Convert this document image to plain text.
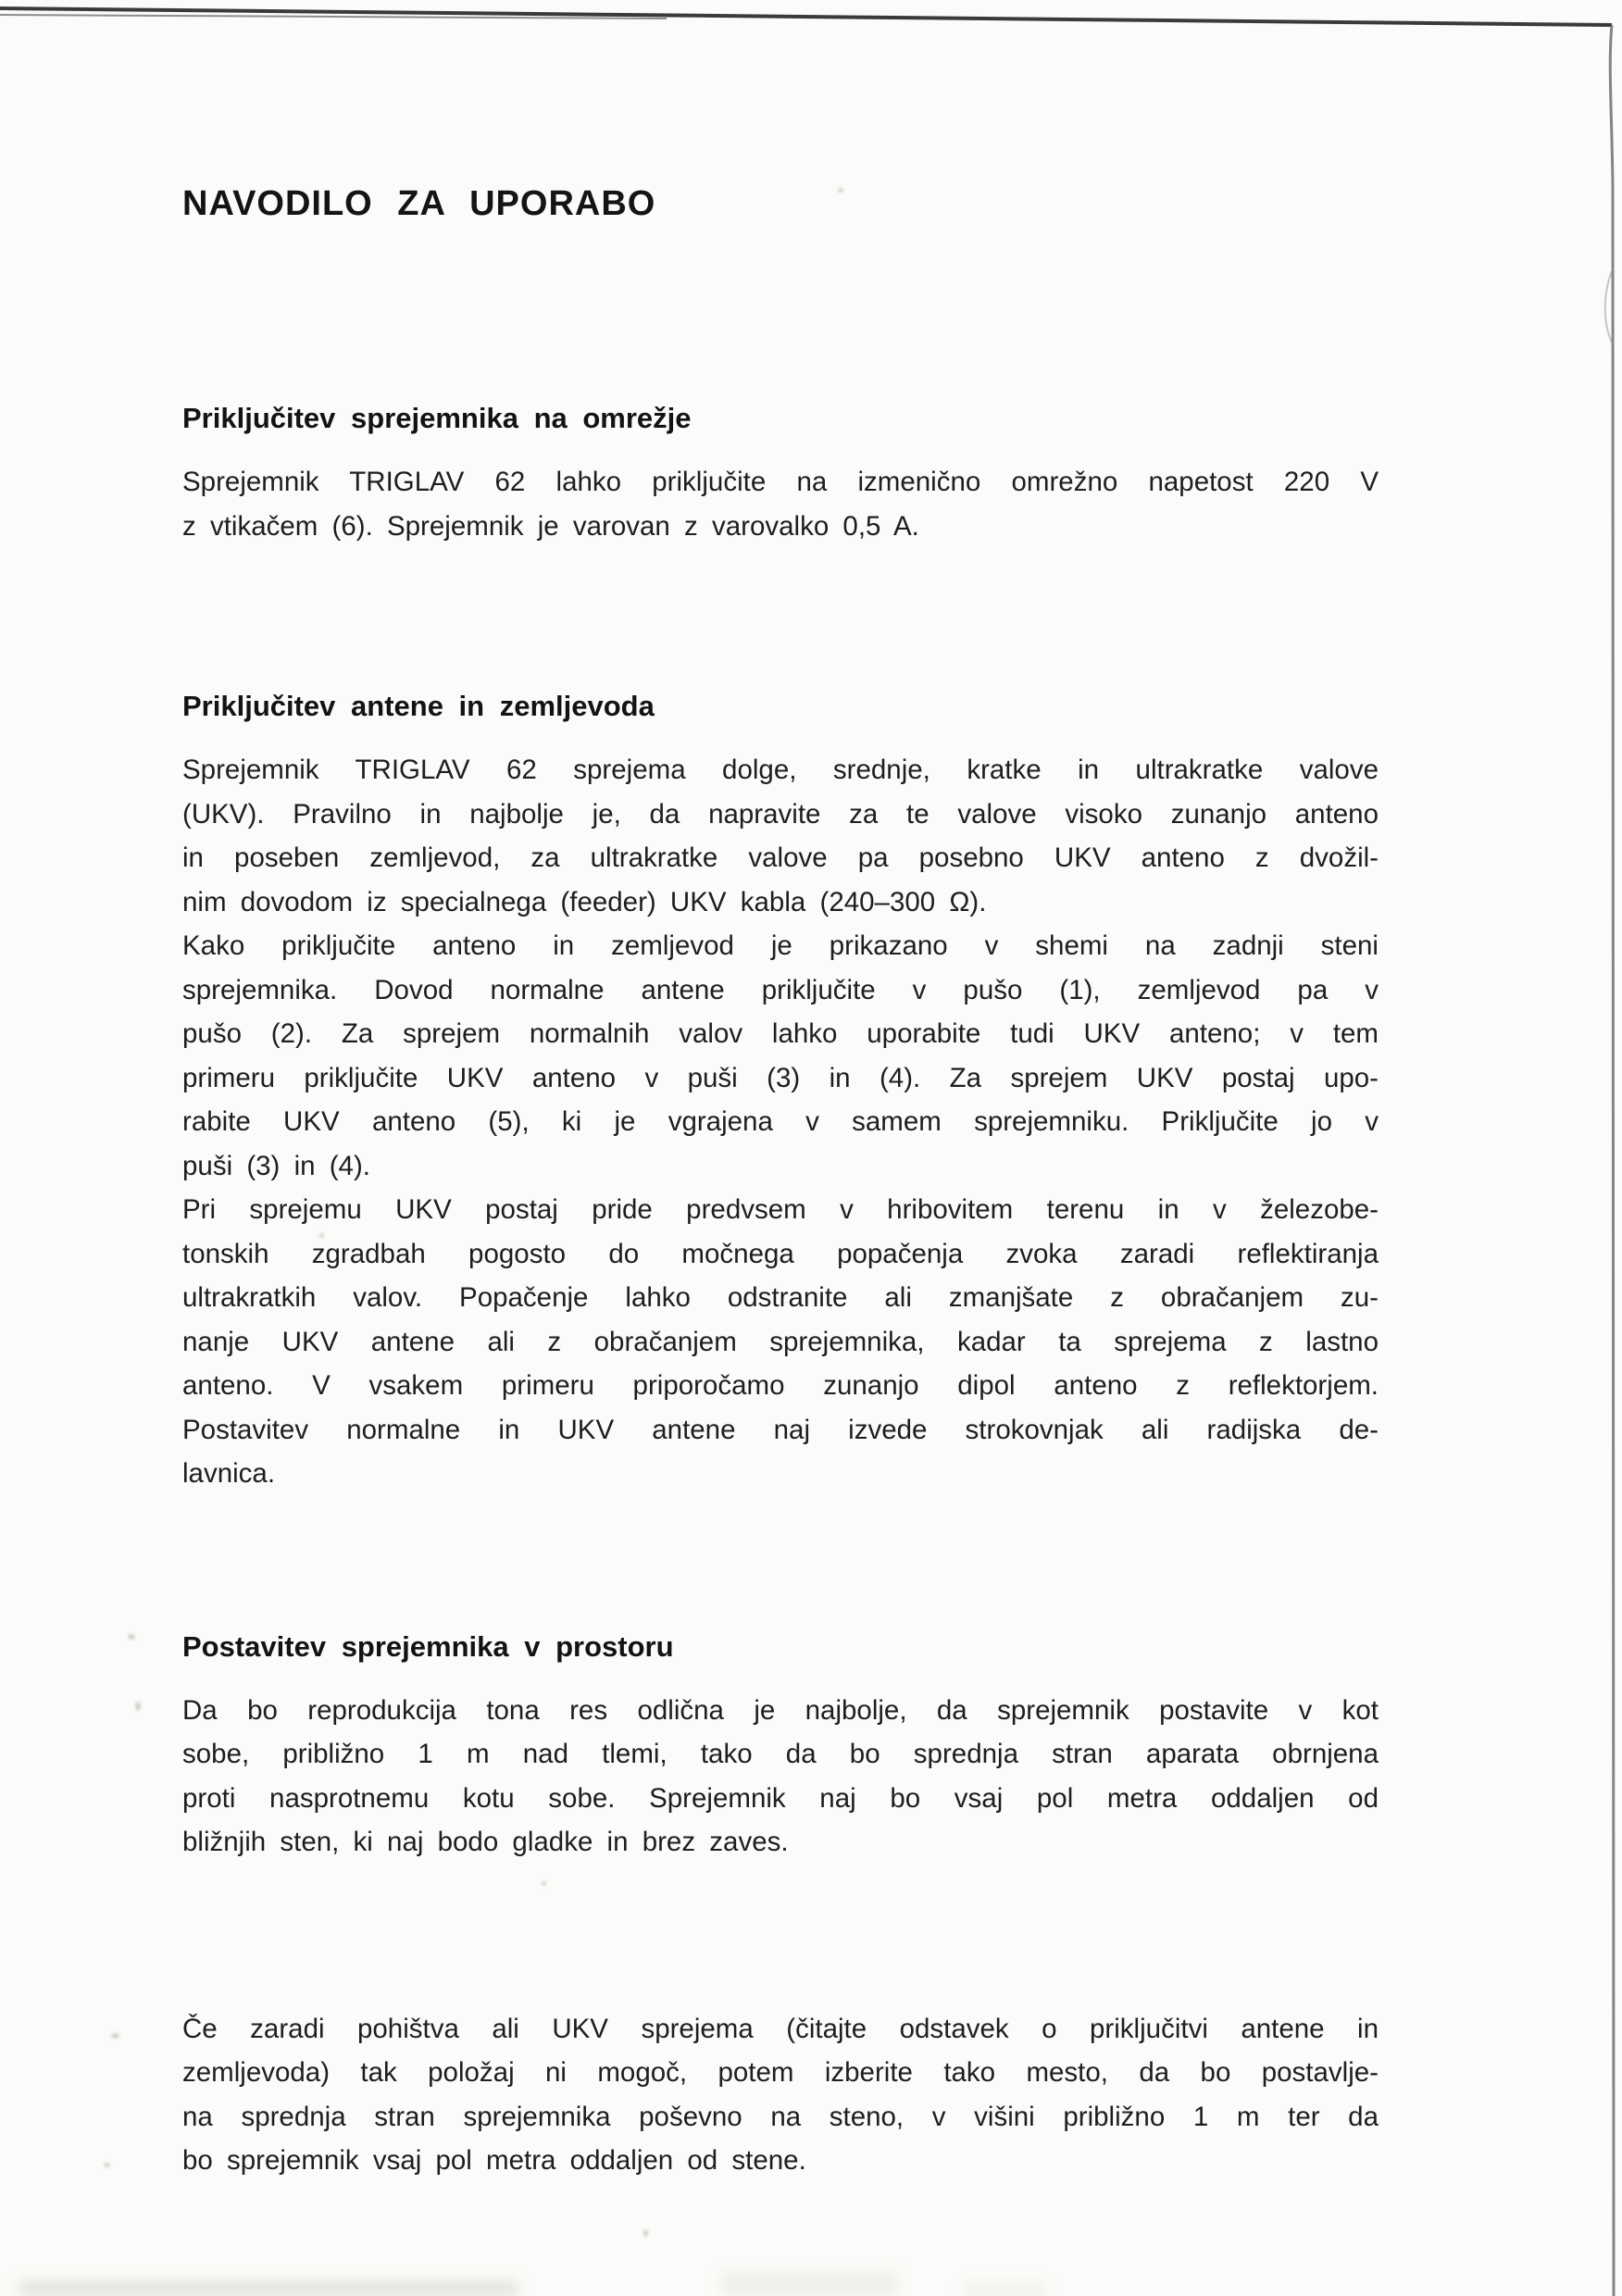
NAVODILO ZA UPORABO
Priključitev sprejemnika na omrežje
Sprejemnik TRIGLAV 62 lahko priključite na izmenično omrežno napetost 220 V
z vtikačem (6). Sprejemnik je varovan z varovalko 0,5 A.
Priključitev antene in zemljevoda
Sprejemnik TRIGLAV 62 sprejema dolge, srednje, kratke in ultrakratke valove
(UKV). Pravilno in najbolje je, da napravite za te valove visoko zunanjo anteno
in poseben zemljevod, za ultrakratke valove pa posebno UKV anteno z dvožil-
nim dovodom iz specialnega (feeder) UKV kabla (240–300 Ω).
Kako priključite anteno in zemljevod je prikazano v shemi na zadnji steni
sprejemnika. Dovod normalne antene priključite v pušo (1), zemljevod pa v
pušo (2). Za sprejem normalnih valov lahko uporabite tudi UKV anteno; v tem
primeru priključite UKV anteno v puši (3) in (4). Za sprejem UKV postaj upo-
rabite UKV anteno (5), ki je vgrajena v samem sprejemniku. Priključite jo v
puši (3) in (4).
Pri sprejemu UKV postaj pride predvsem v hribovitem terenu in v železobe-
tonskih zgradbah pogosto do močnega popačenja zvoka zaradi reflektiranja
ultrakratkih valov. Popačenje lahko odstranite ali zmanjšate z obračanjem zu-
nanje UKV antene ali z obračanjem sprejemnika, kadar ta sprejema z lastno
anteno. V vsakem primeru priporočamo zunanjo dipol anteno z reflektorjem.
Postavitev normalne in UKV antene naj izvede strokovnjak ali radijska de-
lavnica.
Postavitev sprejemnika v prostoru
Da bo reprodukcija tona res odlična je najbolje, da sprejemnik postavite v kot
sobe, približno 1 m nad tlemi, tako da bo sprednja stran aparata obrnjena
proti nasprotnemu kotu sobe. Sprejemnik naj bo vsaj pol metra oddaljen od
bližnjih sten, ki naj bodo gladke in brez zaves.
Če zaradi pohištva ali UKV sprejema (čitajte odstavek o priključitvi antene in
zemljevoda) tak položaj ni mogoč, potem izberite tako mesto, da bo postavlje-
na sprednja stran sprejemnika poševno na steno, v višini približno 1 m ter da
bo sprejemnik vsaj pol metra oddaljen od stene.
